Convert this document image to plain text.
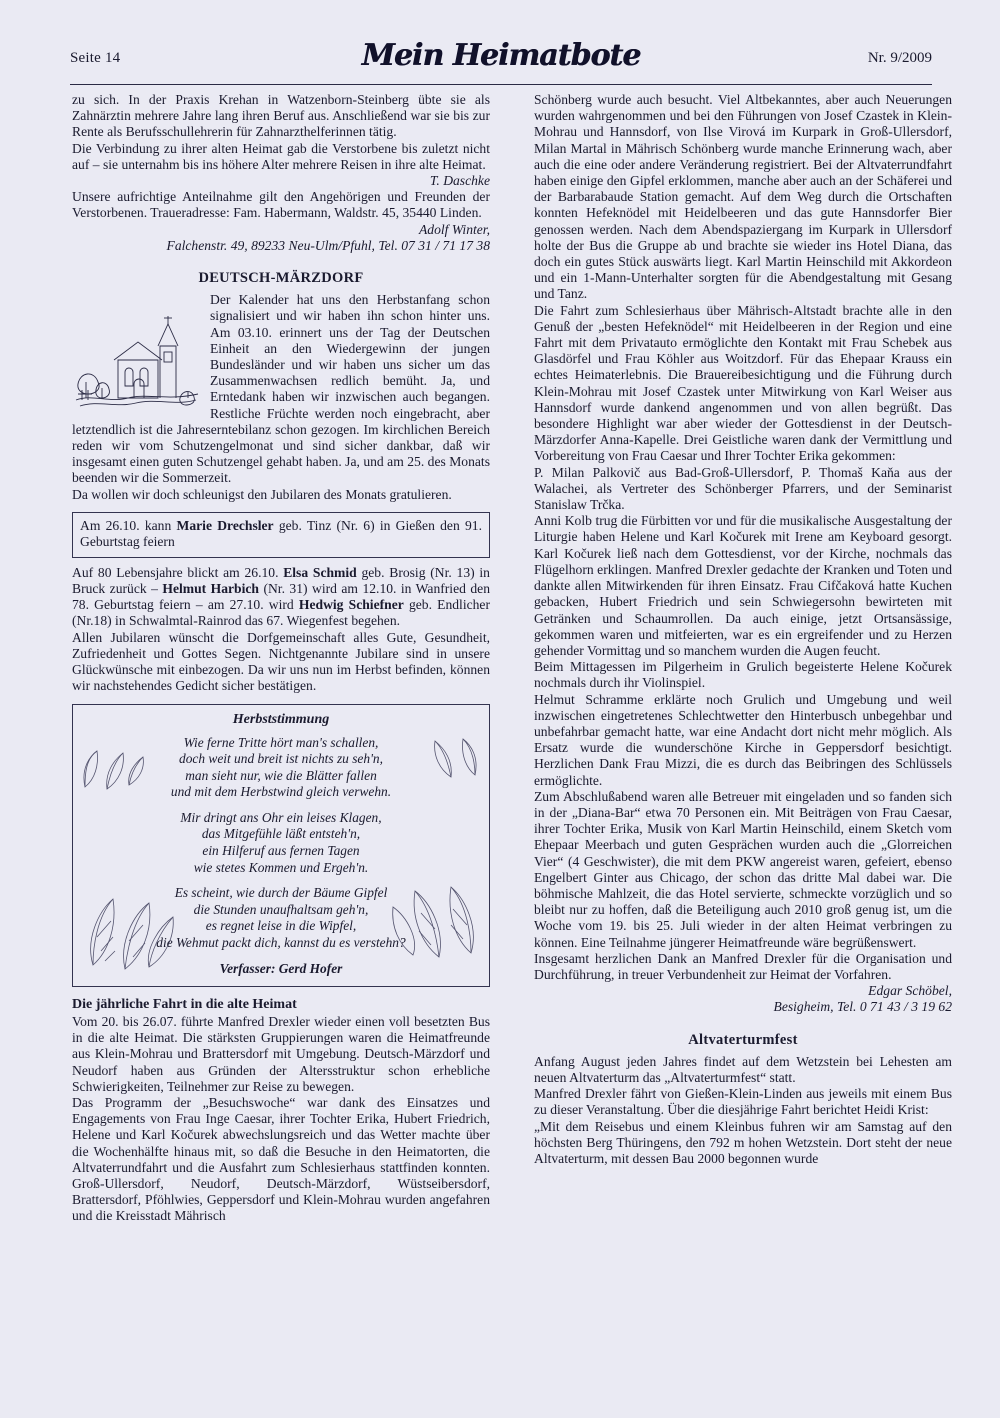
Seite 14	Mein Heimatbote	Nr. 9/2009

zu sich. In der Praxis Krehan in Watzenborn-Steinberg übte sie als Zahnärztin mehrere Jahre lang ihren Beruf aus. Anschließend war sie bis zur Rente als Berufsschullehrerin für Zahnarzthelferinnen tätig.

Die Verbindung zu ihrer alten Heimat gab die Verstorbene bis zuletzt nicht auf – sie unternahm bis ins höhere Alter mehrere Reisen in ihre alte Heimat.

T. Daschke

Unsere aufrichtige Anteilnahme gilt den Angehörigen und Freunden der Verstorbenen. Traueradresse: Fam. Habermann, Waldstr. 45, 35440 Linden.

Adolf Winter,

Falchenstr. 49, 89233 Neu-Ulm/Pfuhl, Tel. 07 31 / 71 17 38

DEUTSCH-MÄRZDORF

Der Kalender hat uns den Herbstanfang schon signalisiert und wir haben ihn schon hinter uns. Am 03.10. erinnert uns der Tag der Deutschen Einheit an den Wiedergewinn der jungen Bundesländer und wir haben uns sicher um das Zusammenwachsen redlich bemüht. Ja, und Erntedank haben wir inzwischen auch begangen. Restliche Früchte werden noch eingebracht, aber letztendlich ist die Jahreserntebilanz schon gezogen. Im kirchlichen Bereich reden wir vom Schutzengelmonat und sind sicher dankbar, daß wir insgesamt einen guten Schutzengel gehabt haben. Ja, und am 25. des Monats beenden wir die Sommerzeit.

Da wollen wir doch schleunigst den Jubilaren des Monats gratulieren.

Am 26.10. kann Marie Drechsler geb. Tinz (Nr. 6) in Gießen den 91. Geburtstag feiern

Auf 80 Lebensjahre blickt am 26.10. Elsa Schmid geb. Brosig (Nr. 13) in Bruck zurück – Helmut Harbich (Nr. 31) wird am 12.10. in Wanfried den 78. Geburtstag feiern – am 27.10. wird Hedwig Schiefner geb. Endlicher (Nr.18) in Schwalmtal-Rainrod das 67. Wiegenfest begehen.

Allen Jubilaren wünscht die Dorfgemeinschaft alles Gute, Gesundheit, Zufriedenheit und Gottes Segen. Nichtgenannte Jubilare sind in unsere Glückwünsche mit einbezogen. Da wir uns nun im Herbst befinden, können wir nachstehendes Gedicht sicher bestätigen.

Herbststimmung
Wie ferne Tritte hört man's schallen,
doch weit und breit ist nichts zu seh'n,
man sieht nur, wie die Blätter fallen
und mit dem Herbstwind gleich verwehn.
Mir dringt ans Ohr ein leises Klagen,
das Mitgefühle läßt entsteh'n,
ein Hilferuf aus fernen Tagen
wie stetes Kommen und Ergeh'n.
Es scheint, wie durch der Bäume Gipfel
die Stunden unaufhaltsam geh'n,
es regnet leise in die Wipfel,
die Wehmut packt dich, kannst du es verstehn?
Verfasser: Gerd Hofer
Die jährliche Fahrt in die alte Heimat

Vom 20. bis 26.07. führte Manfred Drexler wieder einen voll besetzten Bus in die alte Heimat. Die stärksten Gruppierungen waren die Heimatfreunde aus Klein-Mohrau und Brattersdorf mit Umgebung. Deutsch-Märzdorf und Neudorf haben aus Gründen der Altersstruktur schon erhebliche Schwierigkeiten, Teilnehmer zur Reise zu bewegen.

Das Programm der „Besuchswoche“ war dank des Einsatzes und Engagements von Frau Inge Caesar, ihrer Tochter Erika, Hubert Friedrich, Helene und Karl Kočurek abwechslungsreich und das Wetter machte über die Wochenhälfte hinaus mit, so daß die Besuche in den Heimatorten, die Altvaterrundfahrt und die Ausfahrt zum Schlesierhaus stattfinden konnten. Groß-Ullersdorf, Neudorf, Deutsch-Märzdorf, Wüstseibersdorf, Brattersdorf, Pföhlwies, Geppersdorf und Klein-Mohrau wurden angefahren und die Kreisstadt Mährisch

Schönberg wurde auch besucht. Viel Altbekanntes, aber auch Neuerungen wurden wahrgenommen und bei den Führungen von Josef Czastek in Klein-Mohrau und Hannsdorf, von Ilse Virová im Kurpark in Groß-Ullersdorf, Milan Martal in Mährisch Schönberg wurde manche Erinnerung wach, aber auch die eine oder andere Veränderung registriert. Bei der Altvaterrundfahrt haben einige den Gipfel erklommen, manche aber auch an der Schäferei und der Barbarabaude Station gemacht. Auf dem Weg durch die Ortschaften konnten Hefeknödel mit Heidelbeeren und das gute Hannsdorfer Bier genossen werden. Nach dem Abendspaziergang im Kurpark in Ullersdorf holte der Bus die Gruppe ab und brachte sie wieder ins Hotel Diana, das doch ein gutes Stück auswärts liegt. Karl Martin Heinschild mit Akkordeon und ein 1-Mann-Unterhalter sorgten für die Abendgestaltung mit Gesang und Tanz.

Die Fahrt zum Schlesierhaus über Mährisch-Altstadt brachte alle in den Genuß der „besten Hefeknödel“ mit Heidelbeeren in der Region und eine Fahrt mit dem Privatauto ermöglichte den Kontakt mit Frau Schebek aus Glasdörfel und Frau Köhler aus Woitzdorf. Für das Ehepaar Krauss ein echtes Heimaterlebnis. Die Brauereibesichtigung und die Führung durch Klein-Mohrau mit Josef Czastek unter Mitwirkung von Karl Weiser aus Hannsdorf wurde dankend angenommen und von allen begrüßt. Das besondere Highlight war aber wieder der Gottesdienst in der Deutsch-Märzdorfer Anna-Kapelle. Drei Geistliche waren dank der Vermittlung und Vorbereitung von Frau Caesar und Ihrer Tochter Erika gekommen:

P. Milan Palkovič aus Bad-Groß-Ullersdorf, P. Thomaš Kaňa aus der Walachei, als Vertreter des Schönberger Pfarrers, und der Seminarist Stanislaw Trčka.

Anni Kolb trug die Fürbitten vor und für die musikalische Ausgestaltung der Liturgie haben Helene und Karl Kočurek mit Irene am Keyboard gesorgt. Karl Kočurek ließ nach dem Gottesdienst, vor der Kirche, nochmals das Flügelhorn erklingen. Manfred Drexler gedachte der Kranken und Toten und dankte allen Mitwirkenden für ihren Einsatz. Frau Cifčaková hatte Kuchen gebacken, Hubert Friedrich und sein Schwiegersohn bewirteten mit Getränken und Schaumrollen. Da auch einige, jetzt Ortsansässige, gekommen waren und mitfeierten, war es ein ergreifender und zu Herzen gehender Vormittag und so manchem wurden die Augen feucht.

Beim Mittagessen im Pilgerheim in Grulich begeisterte Helene Kočurek nochmals durch ihr Violinspiel.

Helmut Schramme erklärte noch Grulich und Umgebung und weil inzwischen eingetretenes Schlechtwetter den Hinterbusch unbegehbar und unbefahrbar gemacht hatte, war eine Andacht dort nicht mehr möglich. Als Ersatz wurde die wunderschöne Kirche in Geppersdorf besichtigt. Herzlichen Dank Frau Mizzi, die es durch das Beibringen des Schlüssels ermöglichte.

Zum Abschlußabend waren alle Betreuer mit eingeladen und so fanden sich in der „Diana-Bar“ etwa 70 Personen ein. Mit Beiträgen von Frau Caesar, ihrer Tochter Erika, Musik von Karl Martin Heinschild, einem Sketch vom Ehepaar Meerbach und guten Gesprächen wurden auch die „Glorreichen Vier“ (4 Geschwister), die mit dem PKW angereist waren, gefeiert, ebenso Engelbert Ginter aus Chicago, der schon das dritte Mal dabei war. Die böhmische Mahlzeit, die das Hotel servierte, schmeckte vorzüglich und so bleibt nur zu hoffen, daß die Beteiligung auch 2010 groß genug ist, um die Woche vom 19. bis 25. Juli wieder in der alten Heimat verbringen zu können. Eine Teilnahme jüngerer Heimatfreunde wäre begrüßenswert.

Insgesamt herzlichen Dank an Manfred Drexler für die Organisation und Durchführung, in treuer Verbundenheit zur Heimat der Vorfahren.

Edgar Schöbel,

Besigheim, Tel. 0 71 43 / 3 19 62

Altvaterturmfest

Anfang August jeden Jahres findet auf dem Wetzstein bei Lehesten am neuen Altvaterturm das „Altvaterturmfest“ statt.

Manfred Drexler fährt von Gießen-Klein-Linden aus jeweils mit einem Bus zu dieser Veranstaltung. Über die diesjährige Fahrt berichtet Heidi Krist:

„Mit dem Reisebus und einem Kleinbus fuhren wir am Samstag auf den höchsten Berg Thüringens, den 792 m hohen Wetzstein. Dort steht der neue Altvaterturm, mit dessen Bau 2000 begonnen wurde
